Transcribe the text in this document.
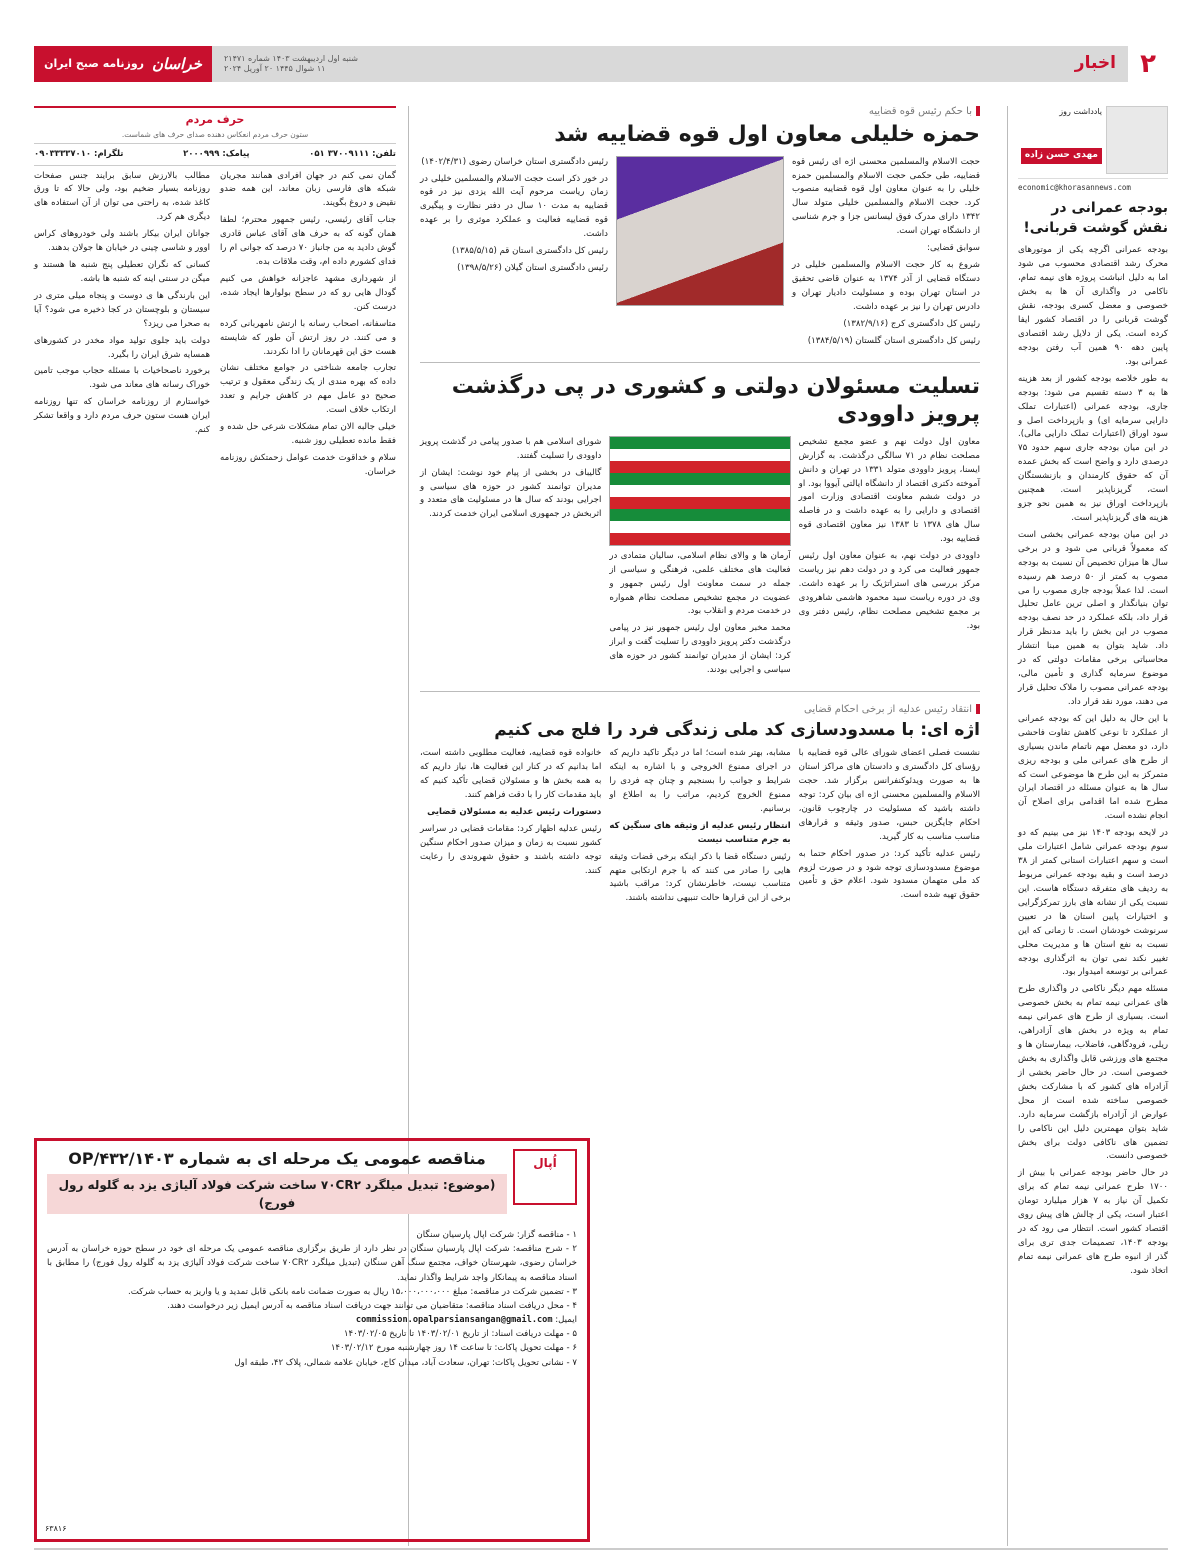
۲
اخبار
شنبه اول اردیبهشت ۱۴۰۳ شماره ۲۱۴۷۱
۱۱ شوال ۱۴۴۵ ۲۰ آوریل ۲۰۲۴
خراسان
روزنامه صبح ایران
یادداشت روز
مهدی حسن زاده
economic@khorasannews.com
بودجه عمرانی در نقش گوشت قربانی!

بودجه عمرانی اگرچه یکی از موتورهای محرک رشد اقتصادی محسوب می شود اما به دلیل انباشت پروژه های نیمه تمام، ناکامی در واگذاری آن ها به بخش خصوصی و معضل کسری بودجه، نقش گوشت قربانی را در اقتصاد کشور ایفا کرده است. یکی از دلایل رشد اقتصادی پایین دهه ۹۰ همین آب رفتن بودجه عمرانی بود.

به طور خلاصه بودجه کشور از بعد هزینه ها به ۳ دسته تقسیم می شود: بودجه جاری، بودجه عمرانی (اعتبارات تملک دارایی سرمایه ای) و بازپرداخت اصل و سود اوراق (اعتبارات تملک دارایی مالی). در این میان بودجه جاری سهم حدود ۷۵ درصدی دارد و واضح است که بخش عمده آن که حقوق کارمندان و بازنشستگان است، گریزناپذیر است. همچنین بازپرداخت اوراق نیز به همین نحو جزو هزینه های گریزناپذیر است.

در این میان بودجه عمرانی بخشی است که معمولاً قربانی می شود و در برخی سال ها میزان تخصیص آن نسبت به بودجه مصوب به کمتر از ۵۰ درصد هم رسیده است. لذا عملاً بودجه جاری مصوب را می توان بنیانگذار و اصلی ترین عامل تحلیل قرار داد، بلکه عملکرد در حد نصف بودجه مصوب در این بخش را باید مدنظر قرار داد. شاید بتوان به همین مبنا انتشار محاسباتی برخی مقامات دولتی که در موضوع سرمایه گذاری و تأمین مالی، بودجه عمرانی مصوب را ملاک تحلیل قرار می دهند، مورد نقد قرار داد.

با این حال به دلیل این که بودجه عمرانی از عملکرد تا نوعی کاهش تفاوت فاحشی دارد، دو معضل مهم ناتمام ماندن بسیاری از طرح های عمرانی ملی و بودجه ریزی متمرکز به این طرح ها موضوعی است که سال ها به عنوان مسئله در اقتصاد ایران مطرح شده اما اقدامی برای اصلاح آن انجام نشده است.

در لایحه بودجه ۱۴۰۳ نیز می بینیم که دو سوم بودجه عمرانی شامل اعتبارات ملی است و سهم اعتبارات استانی کمتر از ۳۸ درصد است و بقیه بودجه عمرانی مربوط به ردیف های متفرقه دستگاه هاست. این نسبت یکی از نشانه های بارز تمرکزگرایی و اختیارات پایین استان ها در تعیین سرنوشت خودشان است. تا زمانی که این نسبت به نفع استان ها و مدیریت محلی تغییر نکند نمی توان به اثرگذاری بودجه عمرانی بر توسعه امیدوار بود.

مسئله مهم دیگر ناکامی در واگذاری طرح های عمرانی نیمه تمام به بخش خصوصی است. بسیاری از طرح های عمرانی نیمه تمام به ویژه در بخش های آزادراهی، ریلی، فرودگاهی، فاضلاب، بیمارستان ها و مجتمع های ورزشی قابل واگذاری به بخش خصوصی است. در حال حاضر بخشی از آزادراه های کشور که با مشارکت بخش خصوصی ساخته شده است از محل عوارض از آزادراه بازگشت سرمایه دارد. شاید بتوان مهمترین دلیل این ناکامی را تضمین های ناکافی دولت برای بخش خصوصی دانست.

در حال حاضر بودجه عمرانی با بیش از ۱۷۰۰ طرح عمرانی نیمه تمام که برای تکمیل آن نیاز به ۷ هزار میلیارد تومان اعتبار است، یکی از چالش های پیش روی اقتصاد کشور است. انتظار می رود که در بودجه ۱۴۰۳، تصمیمات جدی تری برای گذر از انبوه طرح های عمرانی نیمه تمام اتخاذ شود.

با حکم رئیس قوه قضاییه
حمزه خلیلی معاون اول قوه قضاییه شد

حجت الاسلام والمسلمین محسنی اژه ای رئیس قوه قضاییه، طی حکمی حجت الاسلام والمسلمین حمزه خلیلی را به عنوان معاون اول قوه قضاییه منصوب کرد. حجت الاسلام والمسلمین خلیلی متولد سال ۱۳۴۲ دارای مدرک فوق لیسانس جزا و جرم شناسی از دانشگاه تهران است.

سوابق قضایی:

شروع به کار حجت الاسلام والمسلمین خلیلی در دستگاه قضایی از آذر ۱۳۷۴ به عنوان قاضی تحقیق در استان تهران بوده و مسئولیت دادیار تهران و دادرس تهران را نیز بر عهده داشت.

رئیس کل دادگستری کرج (۱۳۸۲/۹/۱۶)

رئیس کل دادگستری استان گلستان (۱۳۸۴/۵/۱۹)

رئیس دادگستری استان خراسان رضوی (۱۴۰۲/۴/۳۱)

در خور ذکر است حجت الاسلام والمسلمین خلیلی در زمان ریاست مرحوم آیت الله یزدی نیز در قوه قضاییه به مدت ۱۰ سال در دفتر نظارت و پیگیری قوه قضاییه فعالیت و عملکرد موثری را بر عهده داشت.

رئیس کل دادگستری استان قم (۱۳۸۵/۵/۱۵)

رئیس دادگستری استان گیلان (۱۳۹۸/۵/۲۶)

تسلیت مسئولان دولتی و کشوری در پی درگذشت پرویز داوودی

معاون اول دولت نهم و عضو مجمع تشخیص مصلحت نظام در ۷۱ سالگی درگذشت. به گزارش ایسنا، پرویز داوودی متولد ۱۳۳۱ در تهران و دانش آموخته دکتری اقتصاد از دانشگاه ایالتی آیووا بود. او در دولت ششم معاونت اقتصادی وزارت امور اقتصادی و دارایی را به عهده داشت و در فاصله سال های ۱۳۷۸ تا ۱۳۸۳ نیز معاون اقتصادی قوه قضاییه بود.

داوودی در دولت نهم، به عنوان معاون اول رئیس جمهور فعالیت می کرد و در دولت دهم نیز ریاست مرکز بررسی های استراتژیک را بر عهده داشت. وی در دوره ریاست سید محمود هاشمی شاهرودی بر مجمع تشخیص مصلحت نظام، رئیس دفتر وی بود.

آرمان ها و والای نظام اسلامی، سالیان متمادی در فعالیت های مختلف علمی، فرهنگی و سیاسی از جمله در سمت معاونت اول رئیس جمهور و عضویت در مجمع تشخیص مصلحت نظام همواره در خدمت مردم و انقلاب بود.

محمد مخبر معاون اول رئیس جمهور نیز در پیامی درگذشت دکتر پرویز داوودی را تسلیت گفت و ابراز کرد: ایشان از مدیران توانمند کشور در حوزه های سیاسی و اجرایی بودند.

شورای اسلامی هم با صدور پیامی در گذشت پرویز داوودی را تسلیت گفتند.

گالیباف در بخشی از پیام خود نوشت: ایشان از مدیران توانمند کشور در حوزه های سیاسی و اجرایی بودند که سال ها در مسئولیت های متعدد و اثربخش در جمهوری اسلامی ایران خدمت کردند.

انتقاد رئیس عدلیه از برخی احکام قضایی
اژه ای: با مسدودسازی کد ملی زندگی فرد را فلج می کنیم

نشست فصلی اعضای شورای عالی قوه قضاییه با رؤسای کل دادگستری و دادستان های مراکز استان ها به صورت ویدئوکنفرانس برگزار شد. حجت الاسلام والمسلمین محسنی اژه ای بیان کرد: توجه داشته باشید که مسئولیت در چارچوب قانون، احکام جایگزین حبس، صدور وثیقه و قرارهای مناسب مناسب به کار گیرید.

رئیس عدلیه تأکید کرد: در صدور احکام حتما به موضوع مسدودسازی توجه شود و در صورت لزوم کد ملی متهمان مسدود شود. اعلام حق و تأمین حقوق تهیه شده است.

مشابه، بهتر شده است؛ اما در دیگر تاکید داریم که در اجرای ممنوع الخروجی و با اشاره به اینکه شرایط و جوانب را بسنجیم و چنان چه فردی را ممنوع الخروج کردیم، مراتب را به اطلاع او برسانیم.

انتظار رئیس عدلیه از وثیقه های سنگین که به جرم متناسب نیست

رئیس دستگاه قضا با ذکر اینکه برخی قضات وثیقه هایی را صادر می کنند که با جرم ارتکابی متهم متناسب نیست، خاطرنشان کرد: مراقب باشید برخی از این قرارها حالت تنبیهی نداشته باشند.

خانواده قوه قضاییه، فعالیت مطلوبی داشته است، اما بدانیم که در کنار این فعالیت ها، نیاز داریم که به همه بخش ها و مسئولان قضایی تأکید کنیم که باید مقدمات کار را با دقت فراهم کنند.

دستورات رئیس عدلیه به مسئولان قضایی

رئیس عدلیه اظهار کرد: مقامات قضایی در سراسر کشور نسبت به زمان و میزان صدور احکام سنگین توجه داشته باشند و حقوق شهروندی را رعایت کنند.

حرف مردم
ستون حرف مردم انعکاس دهنده صدای حرف های شماست.
تلفن: ۳۷۰۰۹۱۱۱ ۰۵۱
پیامک: ۲۰۰۰۹۹۹
تلگرام: ۰۹۰۳۳۳۳۷۰۱۰

گمان نمی کنم در جهان افرادی همانند مجریان شبکه های فارسی زبان معاند، این همه ضدو نقیض و دروغ بگویند.

جناب آقای رئیسی، رئیس جمهور محترم؛ لطفا همان گونه که به حرف های آقای عباس قادری گوش دادید به من جانباز ۷۰ درصد که جوانی ام را فدای کشورم داده ام، وقت ملاقات بده.

از شهرداری مشهد عاجزانه خواهش می کنیم گودال هایی رو که در سطح بولوارها ایجاد شده، درست کنن.

متاسفانه، اصحاب رسانه با ارتش نامهربانی کرده و می کنند. در روز ارتش آن طور که شایسته هست حق این قهرمانان را ادا نکردند.

تجارب جامعه شناختی در جوامع مختلف نشان داده که بهره مندی از یک زندگی معقول و ترتیب صحیح دو عامل مهم در کاهش جرایم و تعدد ارتکاب خلاف است.

خیلی جالبه الان تمام مشکلات شرعی حل شده و فقط مانده تعطیلی روز شنبه.

سلام و خداقوت خدمت عوامل زحمتکش روزنامه خراسان.

مطالب بالارزش سابق برایند جنس صفحات روزنامه بسیار ضخیم بود، ولی حالا که تا ورق کاغذ شده، به راحتی می توان از آن استفاده های دیگری هم کرد.

جوانان ایران بیکار باشند ولی خودروهای کراس اوور و شاسی چینی در خیابان ها جولان بدهند.

کسانی که نگران تعطیلی پنج شنبه ها هستند و میگن در سنتی اینه که شنبه ها باشه.

این بارندگی ها ی دوست و پنجاه میلی متری در سیستان و بلوچستان در کجا ذخیره می شود؟ آیا به صحرا می ریزد؟

دولت باید جلوی تولید مواد مخدر در کشورهای همسایه شرق ایران را بگیرد.

برخورد ناصحاخیات با مسئله حجاب موجب تامین خوراک رسانه های معاند می شود.

خواستارم از روزنامه خراسان که تنها روزنامه ایران هست ستون حرف مردم دارد و واقعا تشکر کنم.

اُپال
مناقصه عمومی یک مرحله ای به شماره ۱۴۰۳/OP/۴۳۲
(موضوع: تبدیل میلگرد ۷۰CR۲ ساخت شرکت فولاد آلیاژی یزد به گلوله رول فورج)

۱ - مناقصه گزار: شرکت اپال پارسیان سنگان

۲ - شرح مناقصه: شرکت اپال پارسیان سنگان در نظر دارد از طریق برگزاری مناقصه عمومی یک مرحله ای خود در سطح حوزه خراسان به آدرس خراسان رضوی، شهرستان خواف، مجتمع سنگ آهن سنگان (تبدیل میلگرد ۷۰CR۲ ساخت شرکت فولاد آلیاژی یزد به گلوله رول فورج) را مطابق با اسناد مناقصه به پیمانکار واجد شرایط واگذار نماید.

۳ - تضمین شرکت در مناقصه: مبلغ ۱۵،۰۰۰،۰۰۰،۰۰۰ ریال به صورت ضمانت نامه بانکی قابل تمدید و یا واریز به حساب شرکت.

۴ - محل دریافت اسناد مناقصه: متقاضیان می توانند جهت دریافت اسناد مناقصه به آدرس ایمیل زیر درخواست دهند.

ایمیل: commission.opalparsiansangan@gmail.com

۵ - مهلت دریافت اسناد: از تاریخ ۱۴۰۳/۰۲/۰۱ تا تاریخ ۱۴۰۳/۰۲/۰۵

۶ - مهلت تحویل پاکات: تا ساعت ۱۴ روز چهارشنبه مورخ ۱۴۰۳/۰۲/۱۲

۷ - نشانی تحویل پاکات: تهران، سعادت آباد، میدان کاج، خیابان علامه شمالی، پلاک ۴۲، طبقه اول

۶۳۸۱۶
